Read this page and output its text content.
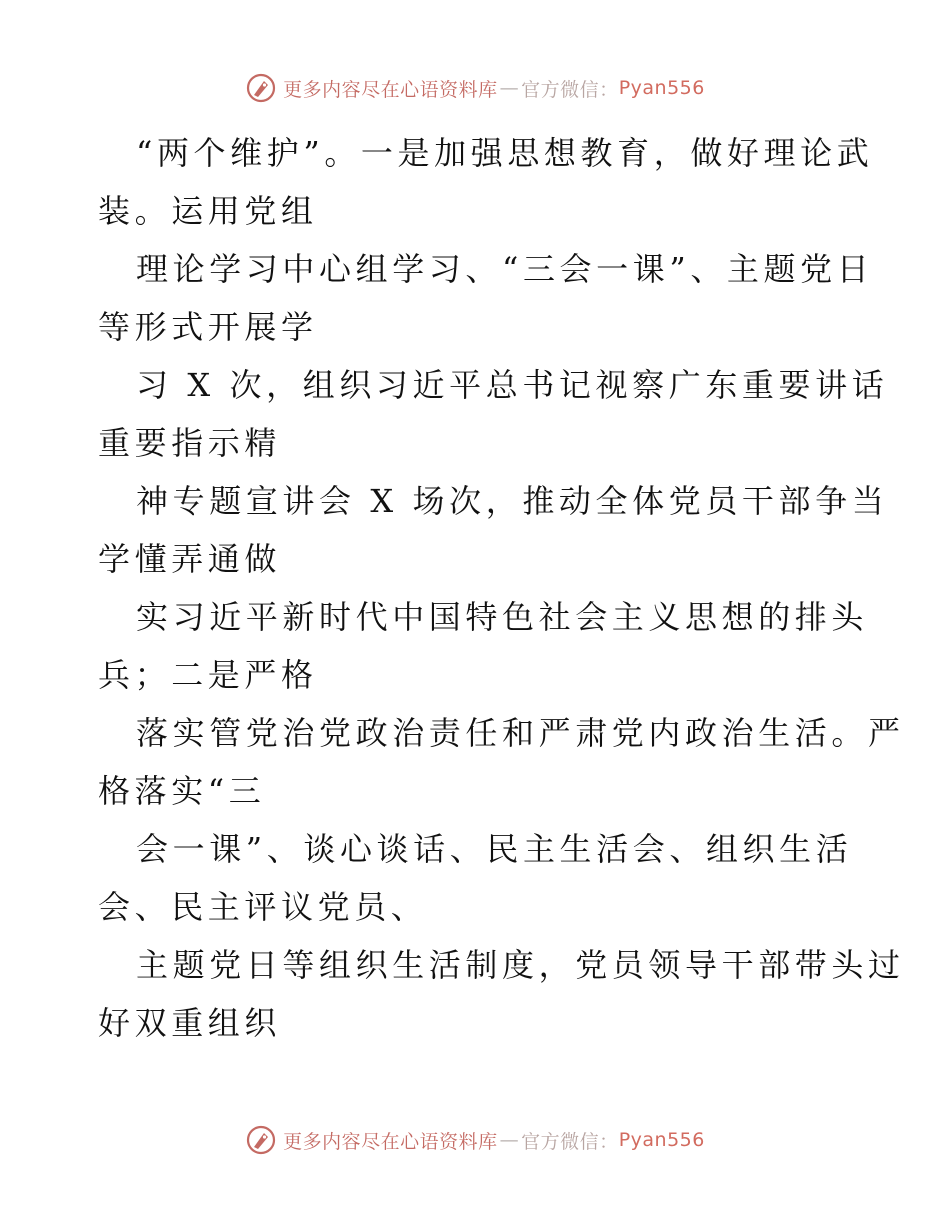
更多内容尽在心语资料库 — 官方微信： Pyan556
“两个维护”。一是加强思想教育，做好理论武
装。运用党组
理论学习中心组学习、“三会一课”、主题党日
等形式开展学
习 X 次，组织习近平总书记视察广东重要讲话
重要指示精
神专题宣讲会 X 场次，推动全体党员干部争当
学懂弄通做
实习近平新时代中国特色社会主义思想的排头
兵；二是严格
落实管党治党政治责任和严肃党内政治生活。严
格落实“三
会一课”、谈心谈话、民主生活会、组织生活
会、民主评议党员、
主题党日等组织生活制度，党员领导干部带头过
好双重组织
更多内容尽在心语资料库 — 官方微信： Pyan556
